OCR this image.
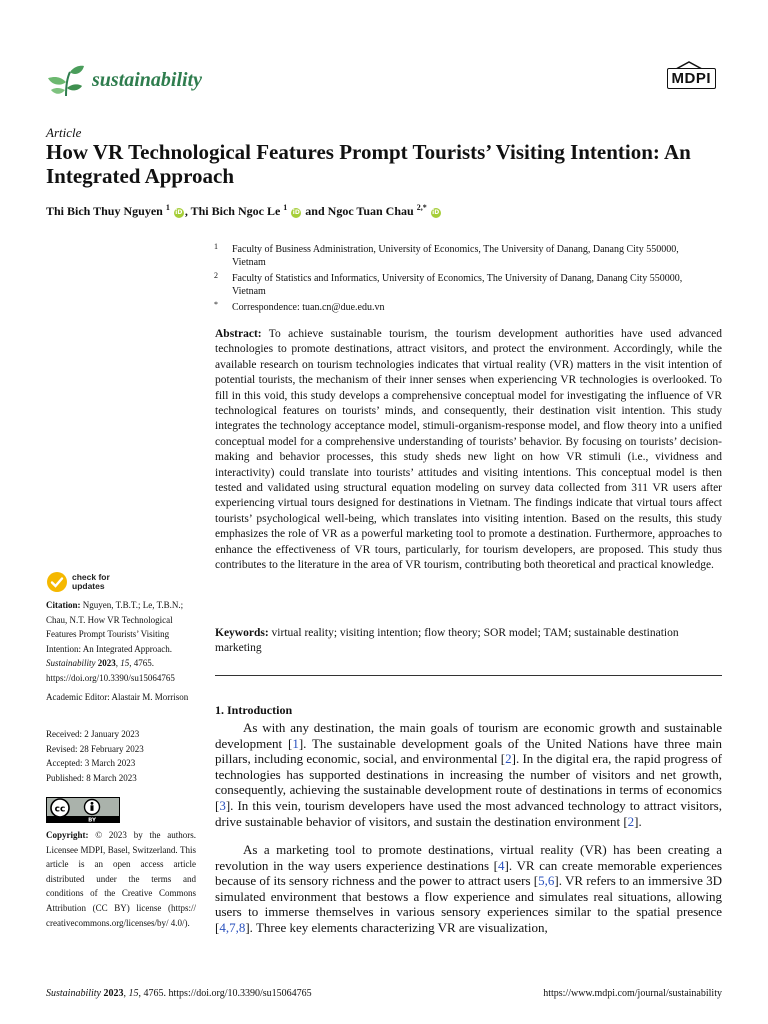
sustainability	MDPI
Article
How VR Technological Features Prompt Tourists’ Visiting Intention: An Integrated Approach
Thi Bich Thuy Nguyen $^1$ iD , Thi Bich Ngoc Le $^1$ iD and Ngoc Tuan Chau $^{2,*}$ iD
1 Faculty of Business Administration, University of Economics, The University of Danang, Danang City 550000, Vietnam
2 Faculty of Statistics and Informatics, University of Economics, The University of Danang, Danang City 550000, Vietnam
* Correspondence: tuan.cn@due.edu.vn

Abstract: To achieve sustainable tourism, the tourism development authorities have used advanced technologies to promote destinations, attract visitors, and protect the environment. Accordingly, while the available research on tourism technologies indicates that virtual reality (VR) matters in the visit intention of potential tourists, the mechanism of their inner senses when experiencing VR technologies is overlooked. To fill in this void, this study develops a comprehensive conceptual model for investigating the influence of VR technological features on tourists’ minds, and consequently, their destination visit intention. This study integrates the technology acceptance model, stimuli-organism-response model, and flow theory into a unified conceptual model for a comprehensive understanding of tourists’ behavior. By focusing on tourists’ decision-making and behavior processes, this study sheds new light on how VR stimuli (i.e., vividness and interactivity) could translate into tourists’ attitudes and visiting intentions. This conceptual model is then tested and validated using structural equation modeling on survey data collected from 311 VR users after experiencing virtual tours designed for destinations in Vietnam. The findings indicate that virtual tours affect tourists’ psychological well-being, which translates into visiting intention. Based on the results, this study emphasizes the role of VR as a powerful marketing tool to promote a destination. Furthermore, approaches to enhance the effectiveness of VR tours, particularly, for tourism developers, are proposed. This study thus contributes to the literature in the area of VR tourism, contributing both theoretical and practical knowledge.

Keywords: virtual reality; visiting intention; flow theory; SOR model; TAM; sustainable destination marketing

check for
updates

Citation: Nguyen, T.B.T.; Le, T.B.N.; Chau, N.T. How VR Technological Features Prompt Tourists’ Visiting Intention: An Integrated Approach. Sustainability 2023, 15, 4765. https://doi.org/10.3390/su15064765

Academic Editor: Alastair M. Morrison

Received: 2 January 2023
Revised: 28 February 2023
Accepted: 3 March 2023
Published: 8 March 2023
cc
BY

Copyright: © 2023 by the authors. Licensee MDPI, Basel, Switzerland. This article is an open access article distributed under the terms and conditions of the Creative Commons Attribution (CC BY) license (https:// creativecommons.org/licenses/by/ 4.0/).

1. Introduction

As with any destination, the main goals of tourism are economic growth and sustainable development [1]. The sustainable development goals of the United Nations have three main pillars, including economic, social, and environmental [2]. In the digital era, the rapid progress of technologies has supported destinations in increasing the number of visitors and net growth, consequently, achieving the sustainable development route of destinations in terms of economics [3]. In this vein, tourism developers have used the most advanced technology to attract visitors, drive sustainable behavior of visitors, and sustain the destination environment [2].

As a marketing tool to promote destinations, virtual reality (VR) has been creating a revolution in the way users experience destinations [4]. VR can create memorable experiences because of its sensory richness and the power to attract users [5,6]. VR refers to an immersive 3D simulated environment that bestows a flow experience and simulates real situations, allowing users to immerse themselves in various sensory experiences similar to the spatial presence [4,7,8]. Three key elements characterizing VR are visualization,

Sustainability 2023, 15, 4765. https://doi.org/10.3390/su15064765	https://www.mdpi.com/journal/sustainability
